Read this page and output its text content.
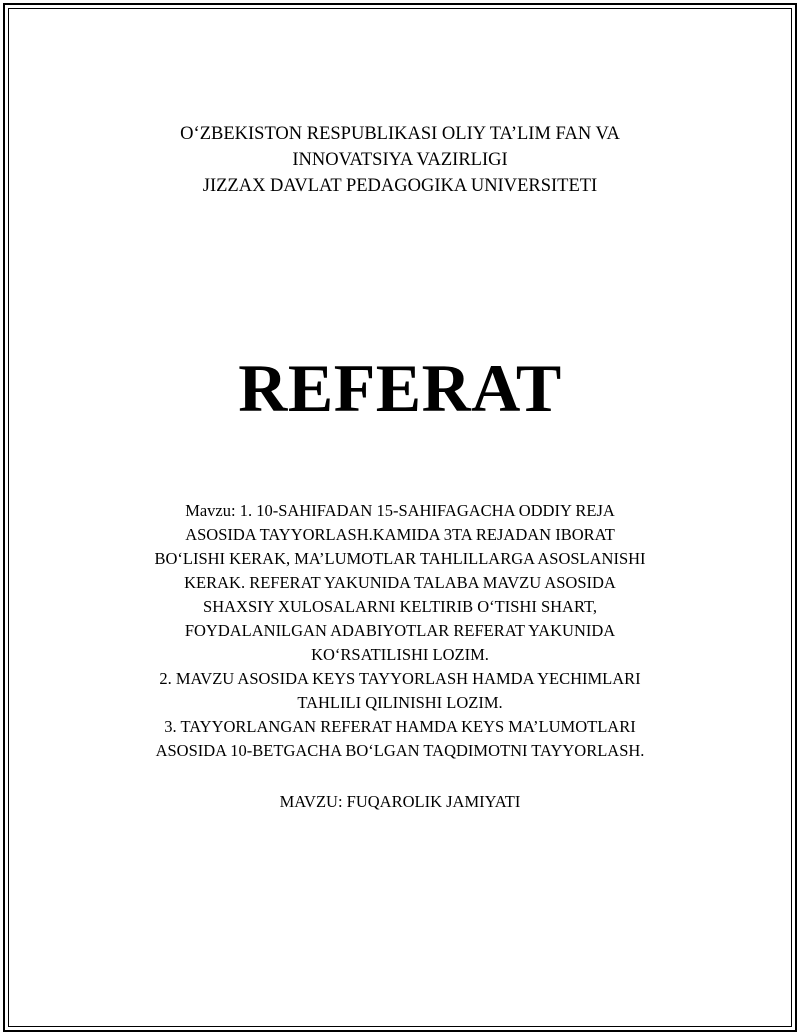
O‘ZBEKISTON RESPUBLIKASI OLIY TA’LIM FAN VA
INNOVATSIYA VAZIRLIGI
JIZZAX DAVLAT PEDAGOGIKA UNIVERSITETI
REFERAT
Mavzu: 1. 10-SAHIFADAN 15-SAHIFAGACHA ODDIY REJA
ASOSIDA TAYYORLASH.KAMIDA 3TA REJADAN IBORAT
BO‘LISHI KERAK, MA’LUMOTLAR TAHLILLARGA ASOSLANISHI
KERAK. REFERAT YAKUNIDA TALABA MAVZU ASOSIDA
SHAXSIY XULOSALARNI KELTIRIB O‘TISHI SHART,
FOYDALANILGAN ADABIYOTLAR REFERAT YAKUNIDA
KO‘RSATILISHI LOZIM.
2. MAVZU ASOSIDA KEYS TAYYORLASH HAMDA YECHIMLARI
TAHLILI QILINISHI LOZIM.
3. TAYYORLANGAN REFERAT HAMDA KEYS MA’LUMOTLARI
ASOSIDA 10-BETGACHA BO‘LGAN TAQDIMOTNI TAYYORLASH.
MAVZU: FUQAROLIK JAMIYATI
